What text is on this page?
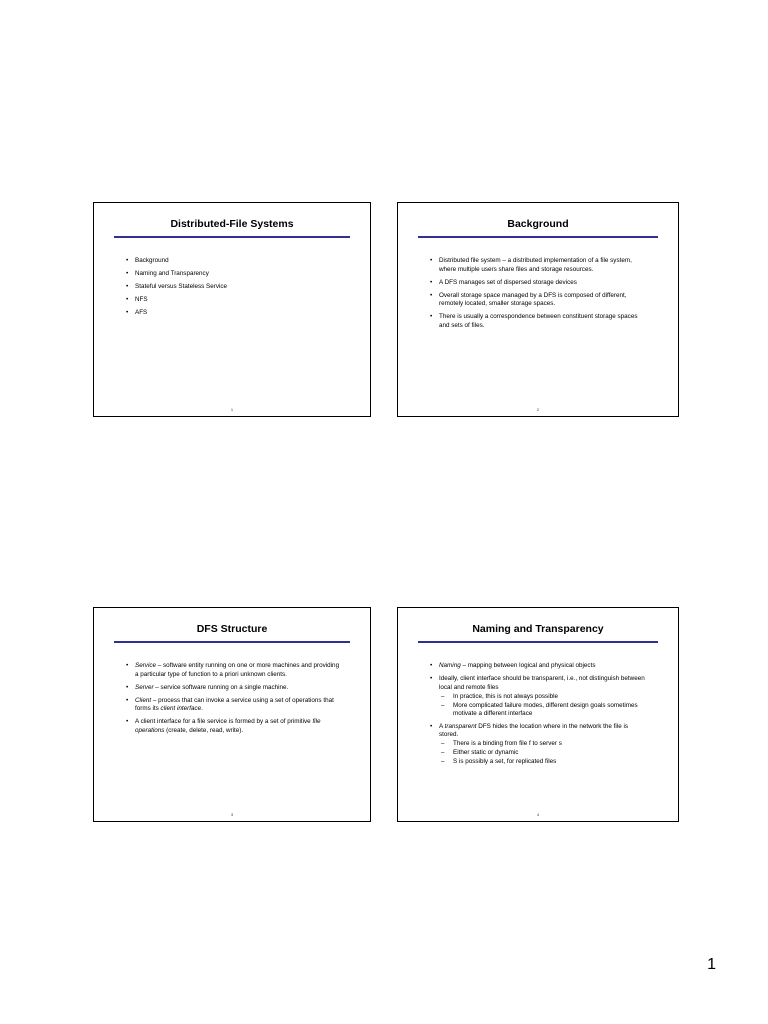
Distributed-File Systems
• Background
• Naming and Transparency
• Stateful versus Stateless Service
• NFS
• AFS
1
Background
• Distributed file system – a distributed implementation of a file system, where multiple users share files and storage resources.
• A DFS manages set of dispersed storage devices
• Overall storage space managed by a DFS is composed of different, remotely located, smaller storage spaces.
• There is usually a correspondence between constituent storage spaces and sets of files.
2
DFS Structure
• Service – software entity running on one or more machines and providing a particular type of function to a priori unknown clients.
• Server – service software running on a single machine.
• Client – process that can invoke a service using a set of operations that forms its client interface.
• A client interface for a file service is formed by a set of primitive file operations (create, delete, read, write).
3
Naming and Transparency
• Naming – mapping between logical and physical objects
• Ideally, client interface should be transparent, i.e., not distinguish between local and remote files
– In practice, this is not always possible
– More complicated failure modes, different design goals sometimes motivate a different interface
• A transparent DFS hides the location where in the network the file is stored.
– There is a binding from file f to server s
– Either static or dynamic
– S is possibly a set, for replicated files
4
1
